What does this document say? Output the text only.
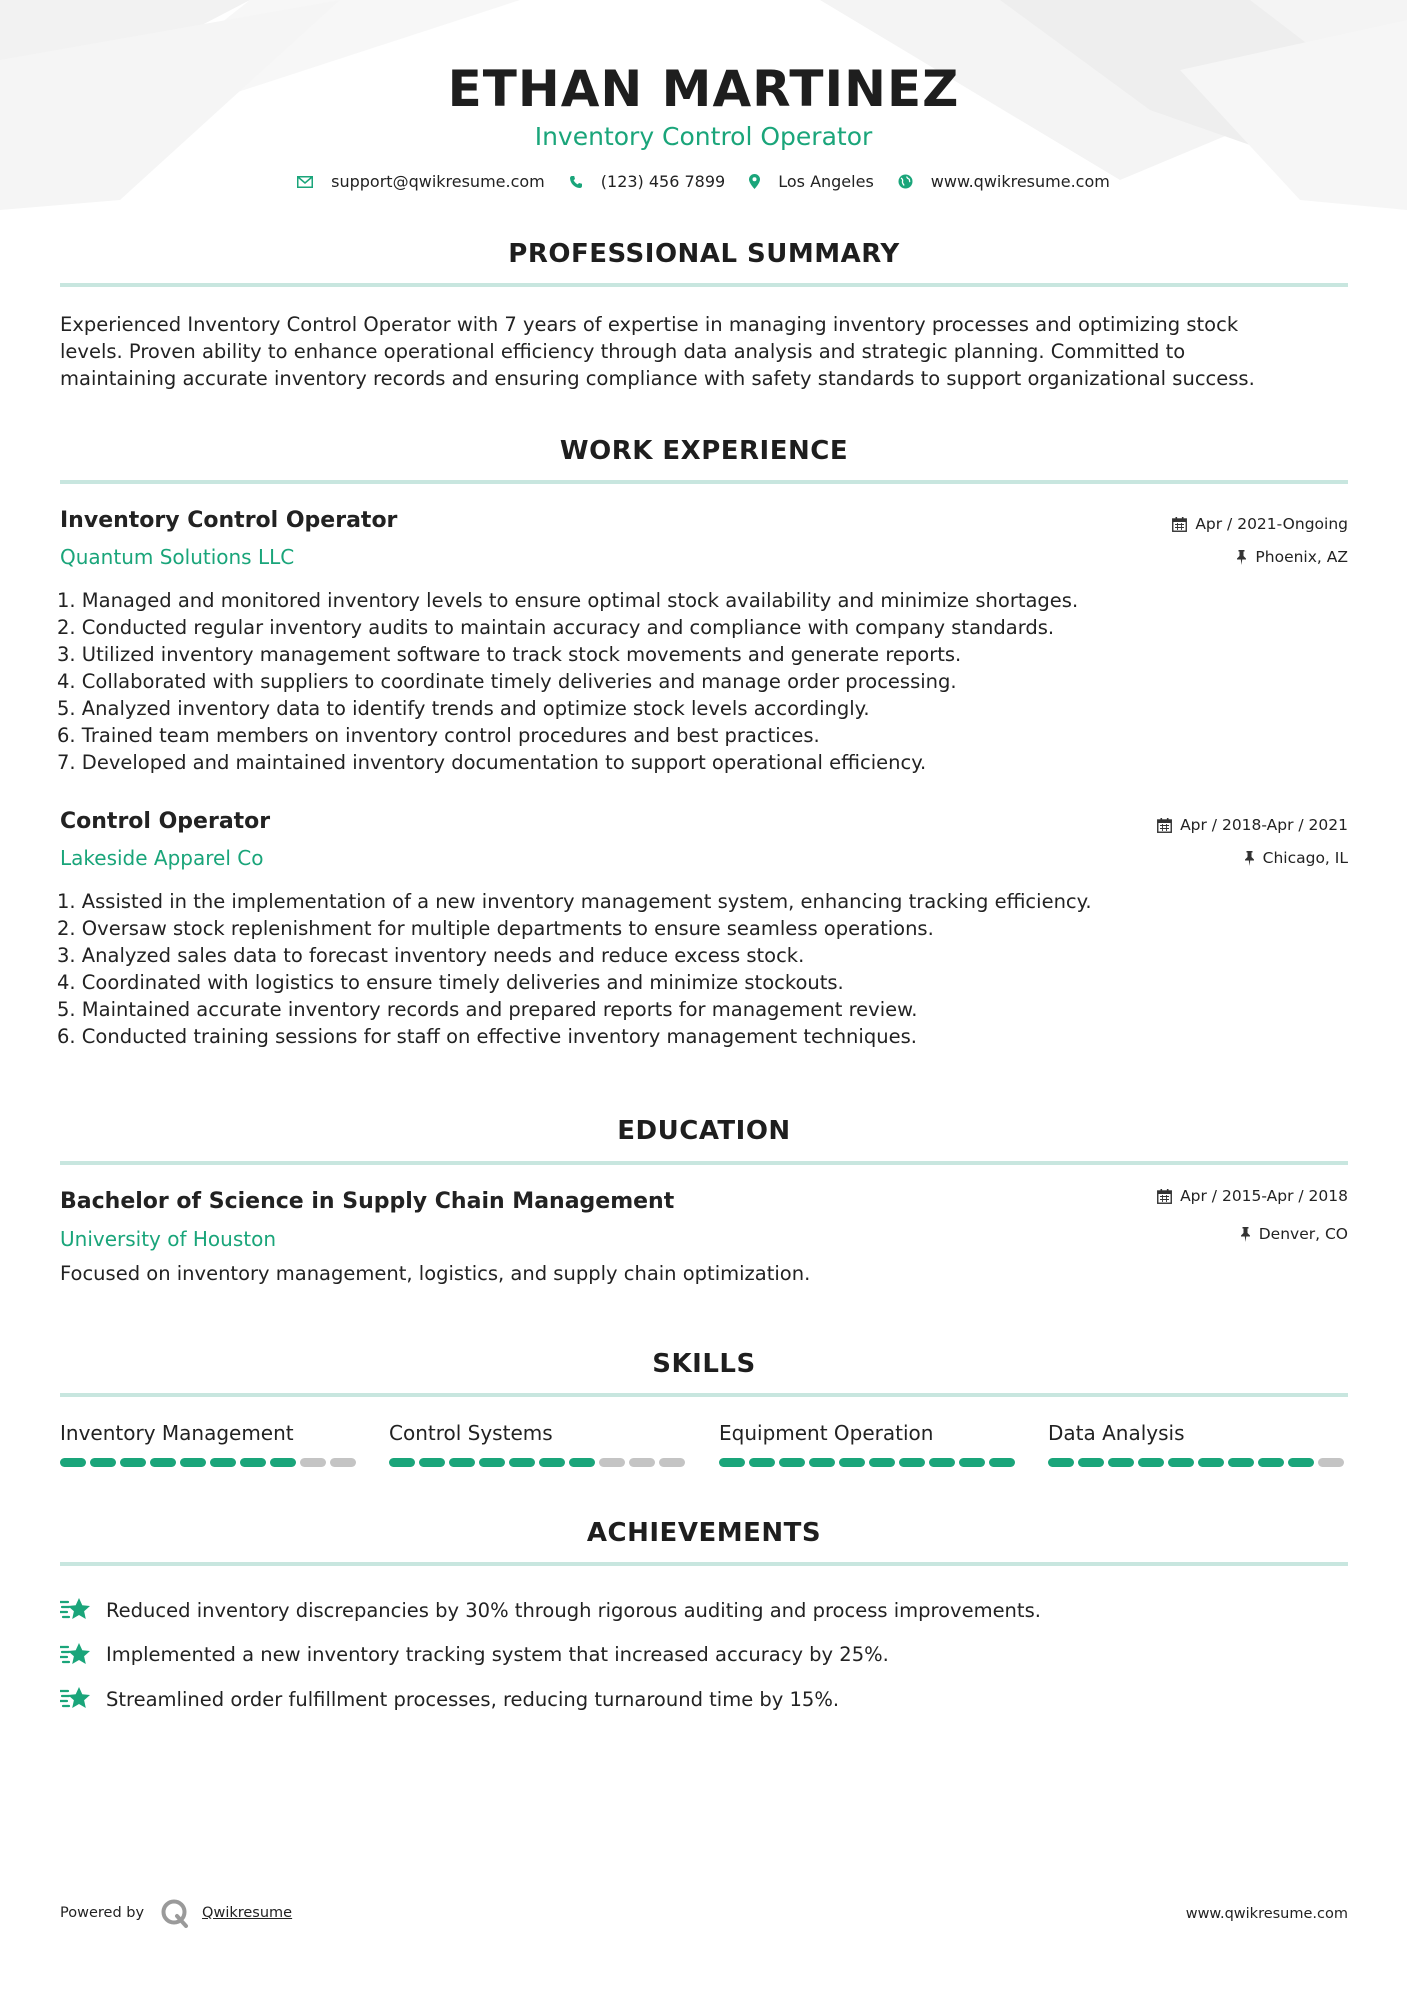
ETHAN MARTINEZ
Inventory Control Operator
support@qwikresume.com	(123) 456 7899	Los Angeles	www.qwikresume.com
PROFESSIONAL SUMMARY
Experienced Inventory Control Operator with 7 years of expertise in managing inventory processes and optimizing stock
levels. Proven ability to enhance operational efficiency through data analysis and strategic planning. Committed to
maintaining accurate inventory records and ensuring compliance with safety standards to support organizational success.
WORK EXPERIENCE
Inventory Control Operator
Quantum Solutions LLC
Apr / 2021-Ongoing
Phoenix, AZ
1. Managed and monitored inventory levels to ensure optimal stock availability and minimize shortages.
2. Conducted regular inventory audits to maintain accuracy and compliance with company standards.
3. Utilized inventory management software to track stock movements and generate reports.
4. Collaborated with suppliers to coordinate timely deliveries and manage order processing.
5. Analyzed inventory data to identify trends and optimize stock levels accordingly.
6. Trained team members on inventory control procedures and best practices.
7. Developed and maintained inventory documentation to support operational efficiency.
Control Operator
Lakeside Apparel Co
Apr / 2018-Apr / 2021
Chicago, IL
1. Assisted in the implementation of a new inventory management system, enhancing tracking efficiency.
2. Oversaw stock replenishment for multiple departments to ensure seamless operations.
3. Analyzed sales data to forecast inventory needs and reduce excess stock.
4. Coordinated with logistics to ensure timely deliveries and minimize stockouts.
5. Maintained accurate inventory records and prepared reports for management review.
6. Conducted training sessions for staff on effective inventory management techniques.
EDUCATION
Bachelor of Science in Supply Chain Management
University of Houston
Apr / 2015-Apr / 2018
Denver, CO
Focused on inventory management, logistics, and supply chain optimization.
SKILLS
Inventory Management	Control Systems	Equipment Operation	Data Analysis
ACHIEVEMENTS
Reduced inventory discrepancies by 30% through rigorous auditing and process improvements.
Implemented a new inventory tracking system that increased accuracy by 25%.
Streamlined order fulfillment processes, reducing turnaround time by 15%.
Powered by	Qwikresume	www.qwikresume.com
